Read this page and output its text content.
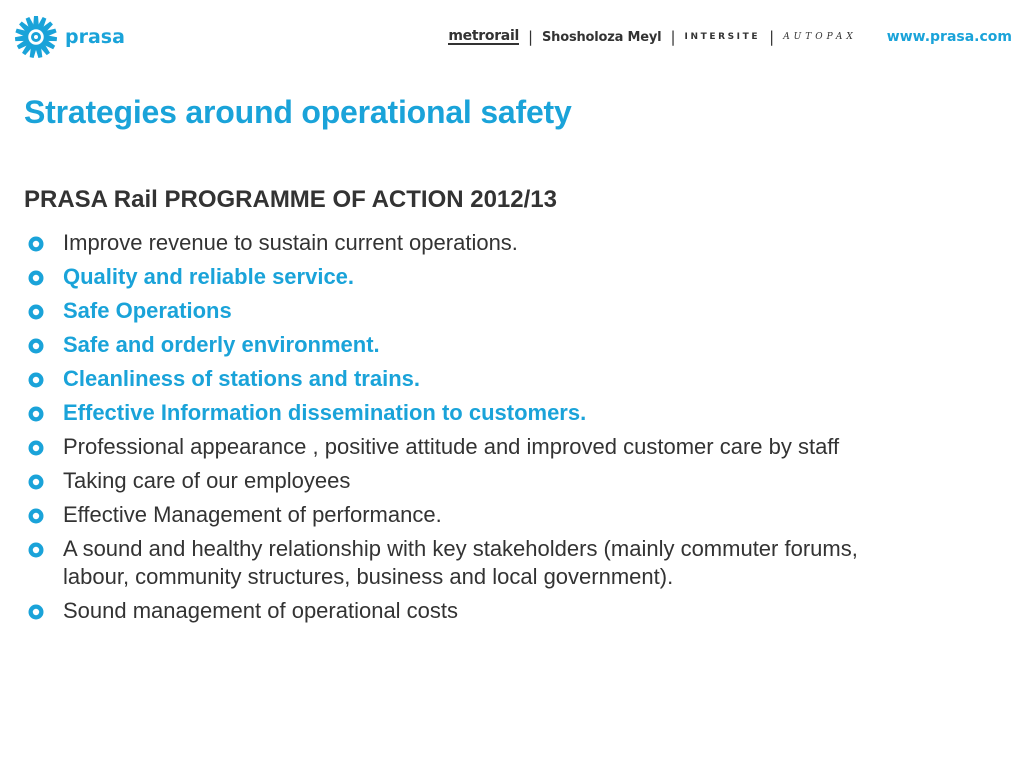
prasa	metrorail | Shosholoza Meyl | INTERSITE | AUTOPAX www.prasa.com
Strategies around operational safety
PRASA Rail PROGRAMME OF ACTION 2012/13
Improve revenue to sustain current operations.
Quality and reliable service.
Safe Operations
Safe and orderly environment.
Cleanliness of stations and trains.
Effective Information dissemination to customers.
Professional appearance , positive attitude and improved customer care by staff
Taking care of our employees
Effective Management of performance.
A sound and healthy relationship with key stakeholders (mainly commuter forums, labour, community structures, business and local government).
Sound management of operational costs
